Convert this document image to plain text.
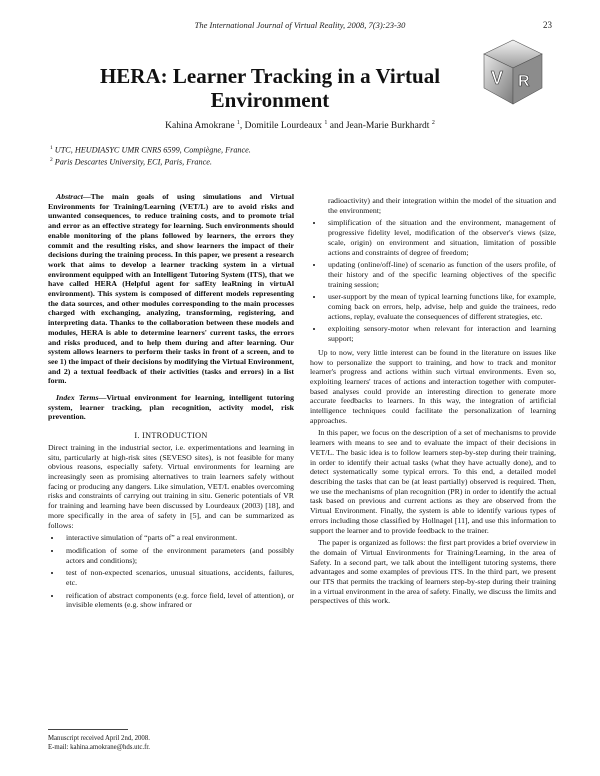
The International Journal of Virtual Reality, 2008, 7(3):23-30	23
HERA: Learner Tracking in a Virtual Environment
V R
Kahina Amokrane $^1$, Domitile Lourdeaux $^1$ and Jean-Marie Burkhardt $^2$
$^1$ UTC, HEUDIASYC UMR CNRS 6599, Compiègne, France.
$^2$ Paris Descartes University, ECI, Paris, France.

Abstract—The main goals of using simulations and Virtual Environments for Training/Learning (VET/L) are to avoid risks and unwanted consequences, to reduce training costs, and to promote trial and error as an effective strategy for learning. Such environments should enable monitoring of the plans followed by learners, the errors they commit and the resulting risks, and show learners the impact of their decisions during the training process. In this paper, we present a research work that aims to develop a learner tracking system in a virtual environment equipped with an Intelligent Tutoring System (ITS), that we have called HERA (Helpful agent for safEty leaRning in virtuAl environment). This system is composed of different models representing the data sources, and other modules corresponding to the main processes charged with exchanging, analyzing, transforming, registering, and interpreting data. Thanks to the collaboration between these models and modules, HERA is able to determine learners' current tasks, the errors and risks produced, and to help them during and after learning. Our system allows learners to perform their tasks in front of a screen, and to see 1) the impact of their decisions by modifying the Virtual Environment, and 2) a textual feedback of their activities (tasks and errors) in a list form.

Index Terms—Virtual environment for learning, intelligent tutoring system, learner tracking, plan recognition, activity model, risk prevention.

I. INTRODUCTION

Direct training in the industrial sector, i.e. experimentations and learning in situ, particularly at high-risk sites (SEVESO sites), is not feasible for many obvious reasons, especially safety. Virtual environments for learning are increasingly seen as promising alternatives to train learners safely without facing or producing any dangers. Like simulation, VET/L enables overcoming risks and constraints of carrying out training in situ. Generic potentials of VR for training and learning have been discussed by Lourdeaux (2003) [18], and more specifically in the area of safety in [5], and can be summarized as follows:

• interactive simulation of “parts of” a real environment.
• modification of some of the environment parameters (and possibly actors and conditions);
• test of non-expected scenarios, unusual situations, accidents, failures, etc.
• reification of abstract components (e.g. force field, level of attention), or invisible elements (e.g. show infrared or
Manuscript received April 2nd, 2008.
E-mail: kahina.amokrane@hds.utc.fr.

radioactivity) and their integration within the model of the situation and the environment;

• simplification of the situation and the environment, management of progressive fidelity level, modification of the observer's views (size, scale, origin) on environment and situation, limitation of possible actions and constraints of degree of freedom;
• updating (online/off-line) of scenario as function of the users profile, of their history and of the specific learning objectives of the specific training session;
• user-support by the mean of typical learning functions like, for example, coming back on errors, help, advise, help and guide the trainees, redo actions, replay, evaluate the consequences of different strategies, etc.
• exploiting sensory-motor when relevant for interaction and learning support;

Up to now, very little interest can be found in the literature on issues like how to personalize the support to training, and how to track and monitor learner's progress and actions within such virtual environments. Even so, exploiting learners' traces of actions and interaction together with computer-based analyses could provide an interesting direction to generate more accurate feedbacks to learners. In this way, the integration of artificial intelligence techniques could facilitate the personalization of learning approaches.

In this paper, we focus on the description of a set of mechanisms to provide learners with means to see and to evaluate the impact of their decisions in VET/L. The basic idea is to follow learners step-by-step during their training, in order to identify their actual tasks (what they have actually done), and to detect systematically some typical errors. To this end, a detailed model describing the tasks that can be (at least partially) observed is required. Then, we use the mechanisms of plan recognition (PR) in order to identify the actual task based on previous and current actions as they are observed from the Virtual Environment. Finally, the system is able to identify various types of errors including those classified by Hollnagel [11], and use this information to support the learner and to provide feedback to the trainer.

The paper is organized as follows: the first part provides a brief overview in the domain of Virtual Environments for Training/Learning, in the area of Safety. In a second part, we talk about the intelligent tutoring systems, there advantages and some examples of previous ITS. In the third part, we present our ITS that permits the tracking of learners step-by-step during their training in a virtual environment in the area of safety. Finally, we discuss the limits and perspectives of this work.
